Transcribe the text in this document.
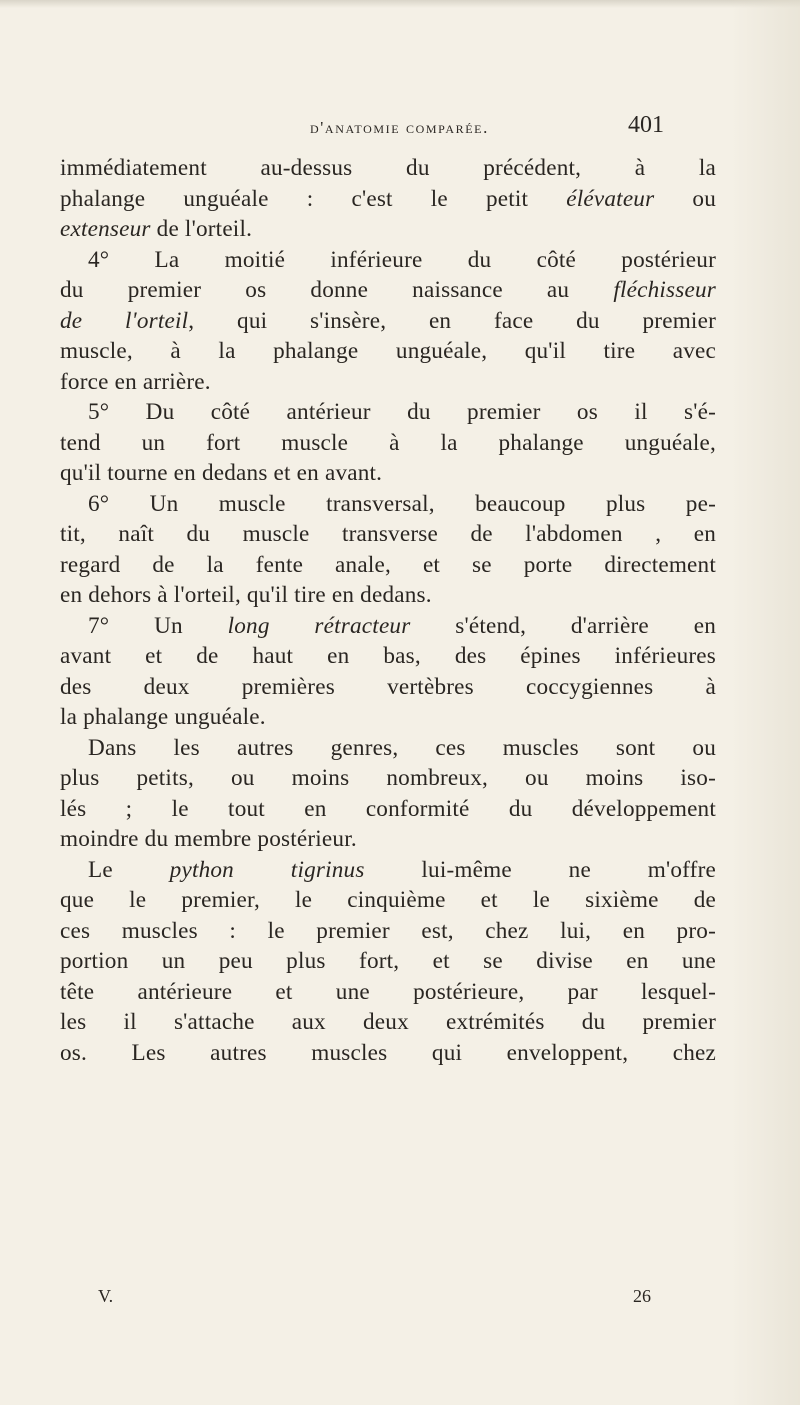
d'anatomie comparée.	401
immédiatement au-dessus du précédent, à la
phalange unguéale : c'est le petit élévateur ou
extenseur de l'orteil.
4° La moitié inférieure du côté postérieur
du premier os donne naissance au fléchisseur
de l'orteil, qui s'insère, en face du premier
muscle, à la phalange unguéale, qu'il tire avec
force en arrière.
5° Du côté antérieur du premier os il s'é-
tend un fort muscle à la phalange unguéale,
qu'il tourne en dedans et en avant.
6° Un muscle transversal, beaucoup plus pe-
tit, naît du muscle transverse de l'abdomen , en
regard de la fente anale, et se porte directement
en dehors à l'orteil, qu'il tire en dedans.
7° Un long rétracteur s'étend, d'arrière en
avant et de haut en bas, des épines inférieures
des deux premières vertèbres coccygiennes à
la phalange unguéale.
Dans les autres genres, ces muscles sont ou
plus petits, ou moins nombreux, ou moins iso-
lés ; le tout en conformité du développement
moindre du membre postérieur.
Le python tigrinus lui-même ne m'offre
que le premier, le cinquième et le sixième de
ces muscles : le premier est, chez lui, en pro-
portion un peu plus fort, et se divise en une
tête antérieure et une postérieure, par lesquel-
les il s'attache aux deux extrémités du premier
os. Les autres muscles qui enveloppent, chez
V.	26
